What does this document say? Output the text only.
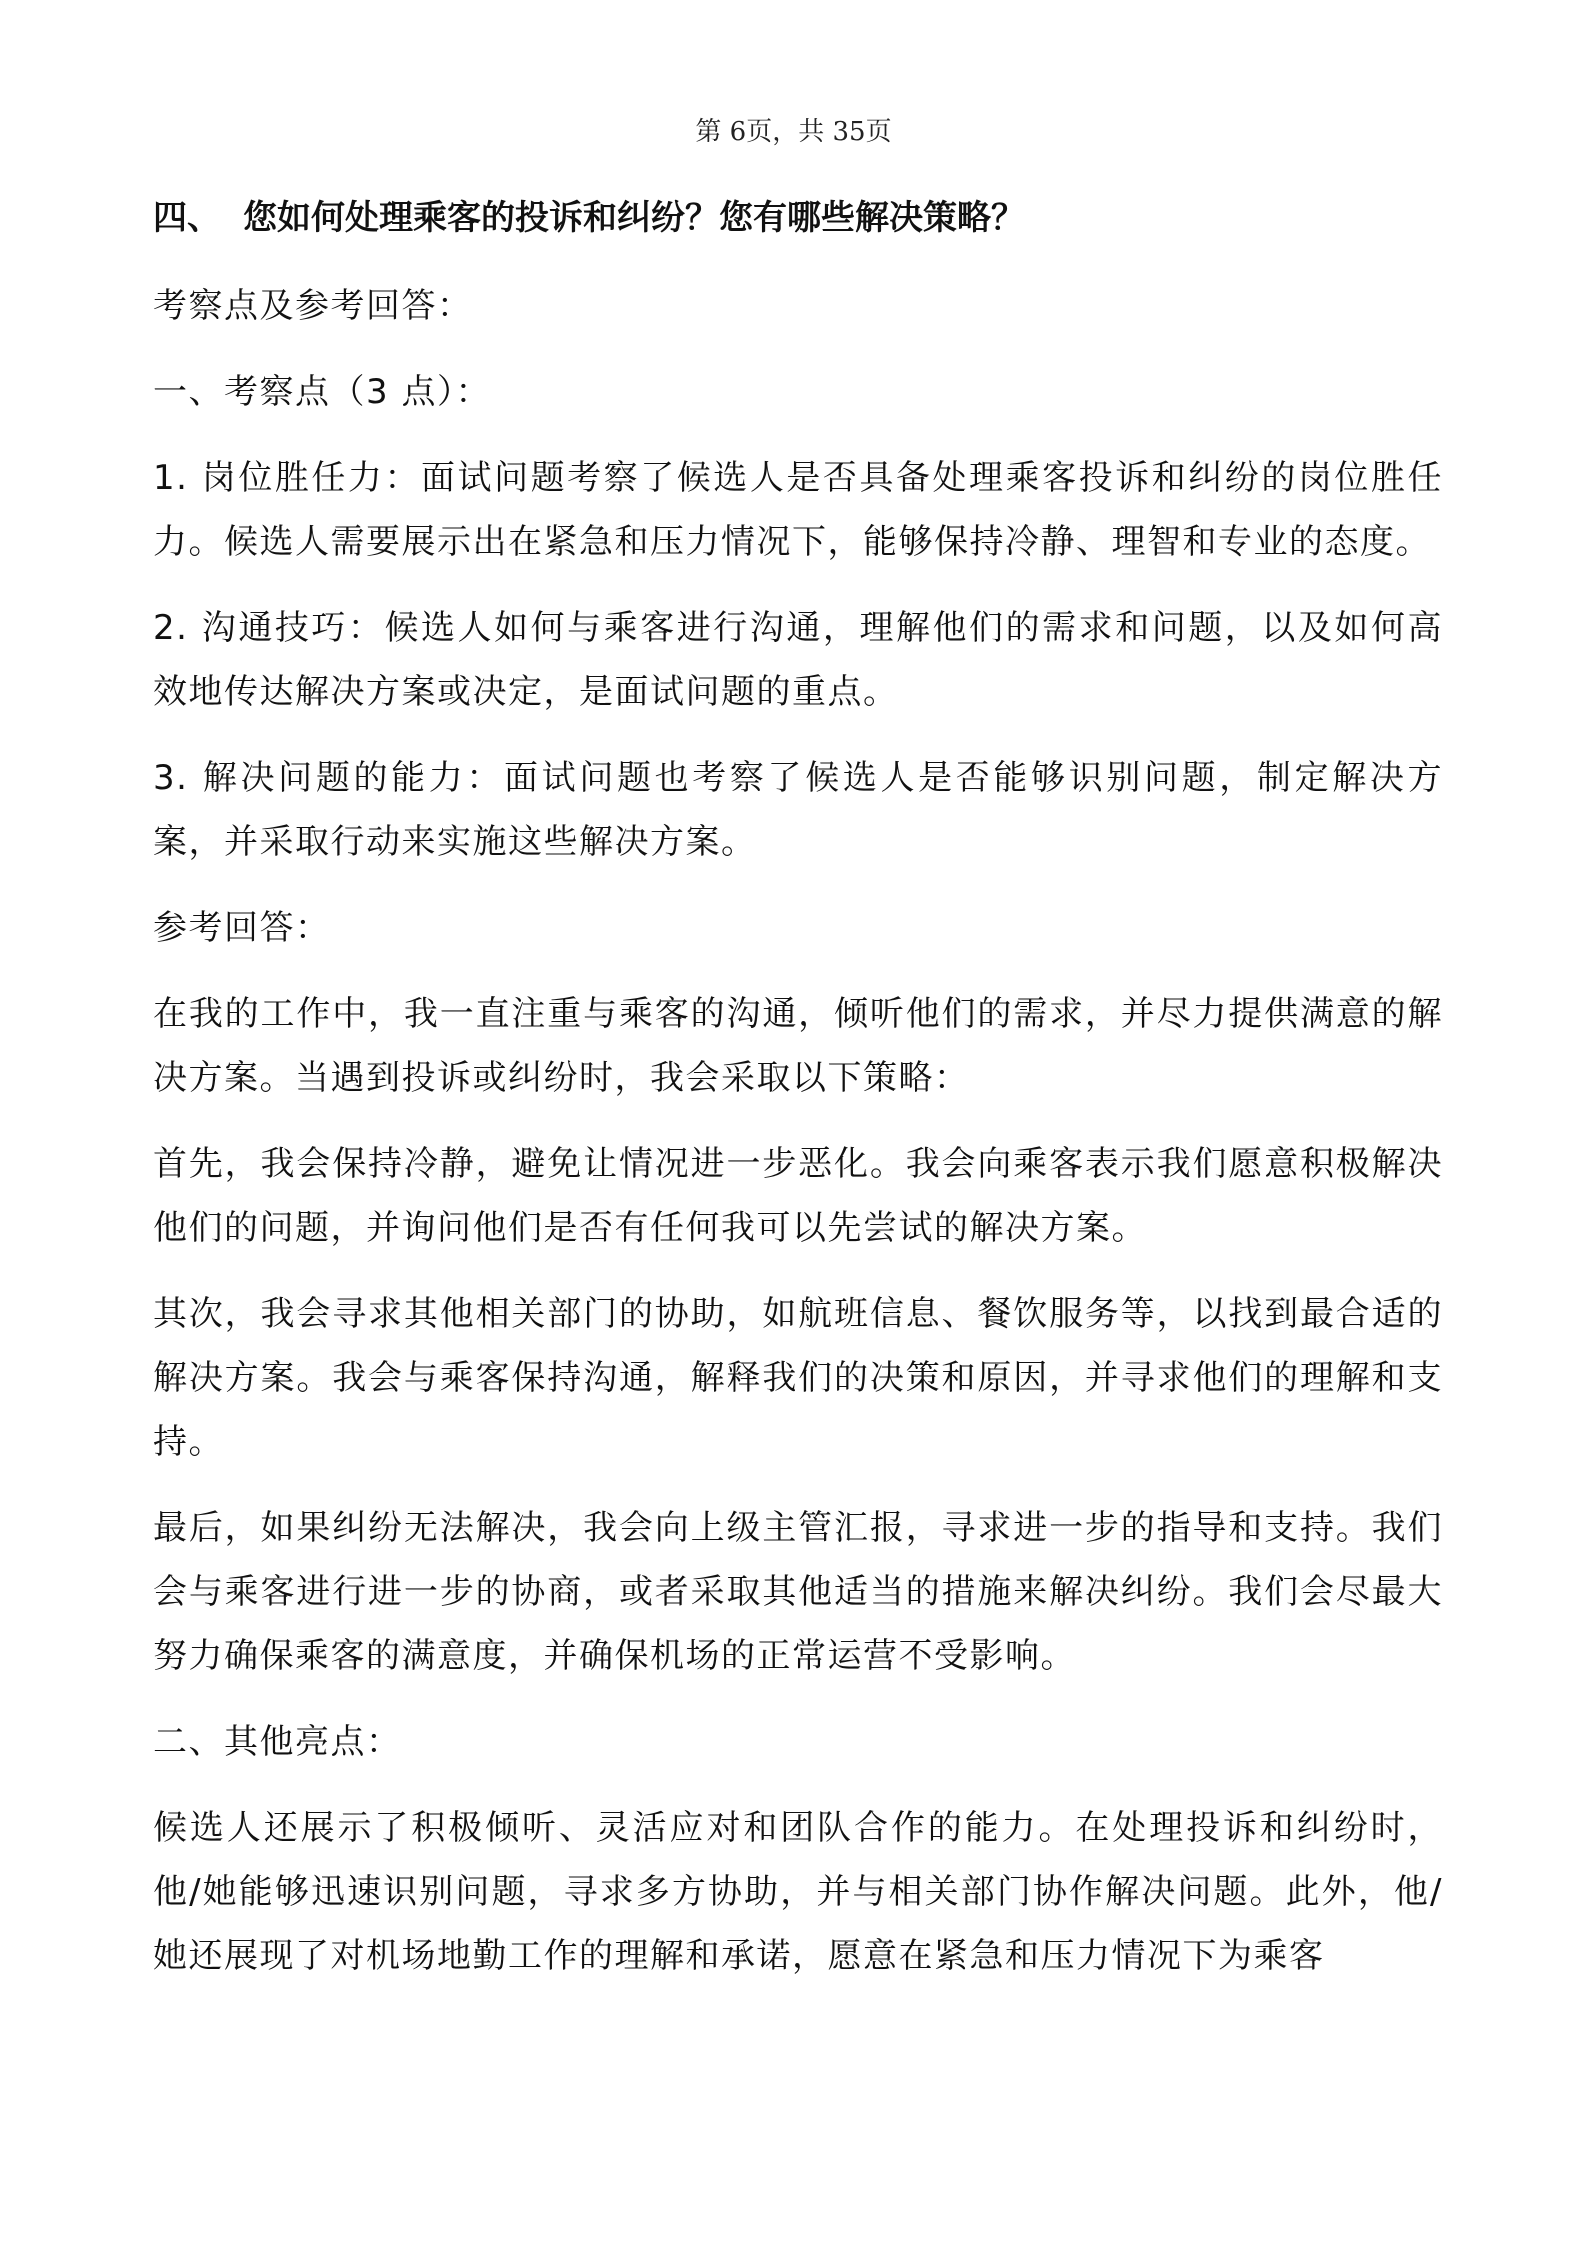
第 6页，共 35页
四、 您如何处理乘客的投诉和纠纷？您有哪些解决策略？

考察点及参考回答：

一、考察点（3 点）：

1. 岗位胜任力：面试问题考察了候选人是否具备处理乘客投诉和纠纷的岗位胜任力。候选人需要展示出在紧急和压力情况下，能够保持冷静、理智和专业的态度。

2. 沟通技巧：候选人如何与乘客进行沟通，理解他们的需求和问题，以及如何高效地传达解决方案或决定，是面试问题的重点。

3. 解决问题的能力：面试问题也考察了候选人是否能够识别问题，制定解决方案，并采取行动来实施这些解决方案。

参考回答：

在我的工作中，我一直注重与乘客的沟通，倾听他们的需求，并尽力提供满意的解决方案。当遇到投诉或纠纷时，我会采取以下策略：

首先，我会保持冷静，避免让情况进一步恶化。我会向乘客表示我们愿意积极解决他们的问题，并询问他们是否有任何我可以先尝试的解决方案。

其次，我会寻求其他相关部门的协助，如航班信息、餐饮服务等，以找到最合适的解决方案。我会与乘客保持沟通，解释我们的决策和原因，并寻求他们的理解和支持。

最后，如果纠纷无法解决，我会向上级主管汇报，寻求进一步的指导和支持。我们会与乘客进行进一步的协商，或者采取其他适当的措施来解决纠纷。我们会尽最大努力确保乘客的满意度，并确保机场的正常运营不受影响。

二、其他亮点：

候选人还展示了积极倾听、灵活应对和团队合作的能力。在处理投诉和纠纷时，他/她能够迅速识别问题，寻求多方协助，并与相关部门协作解决问题。此外，他/她还展现了对机场地勤工作的理解和承诺，愿意在紧急和压力情况下为乘客
